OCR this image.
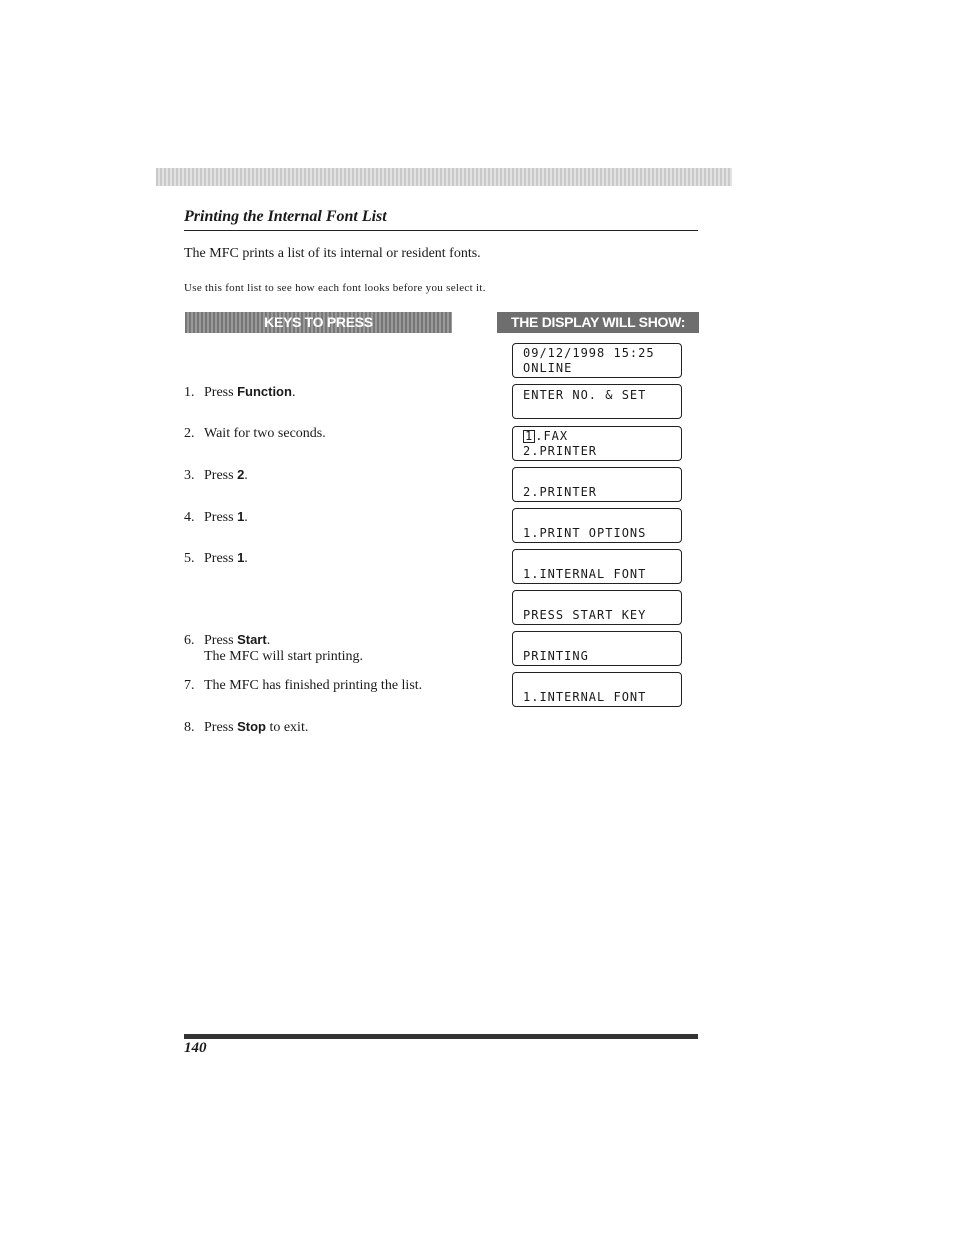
Printing the Internal Font List
The MFC prints a list of its internal or resident fonts.
Use this font list to see how each font looks before you select it.
KEYS TO PRESS	THE DISPLAY WILL SHOW:
1. Press Function.
2. Wait for two seconds.
3. Press 2.
4. Press 1.
5. Press 1.
6. Press Start.
The MFC will start printing.
7. The MFC has finished printing the list.
8. Press Stop to exit.
09/12/1998 15:25
ONLINE
ENTER NO. & SET
1 .FAX
2.PRINTER
2.PRINTER
1.PRINT OPTIONS
1.INTERNAL FONT
PRESS START KEY
PRINTING
1.INTERNAL FONT
140
